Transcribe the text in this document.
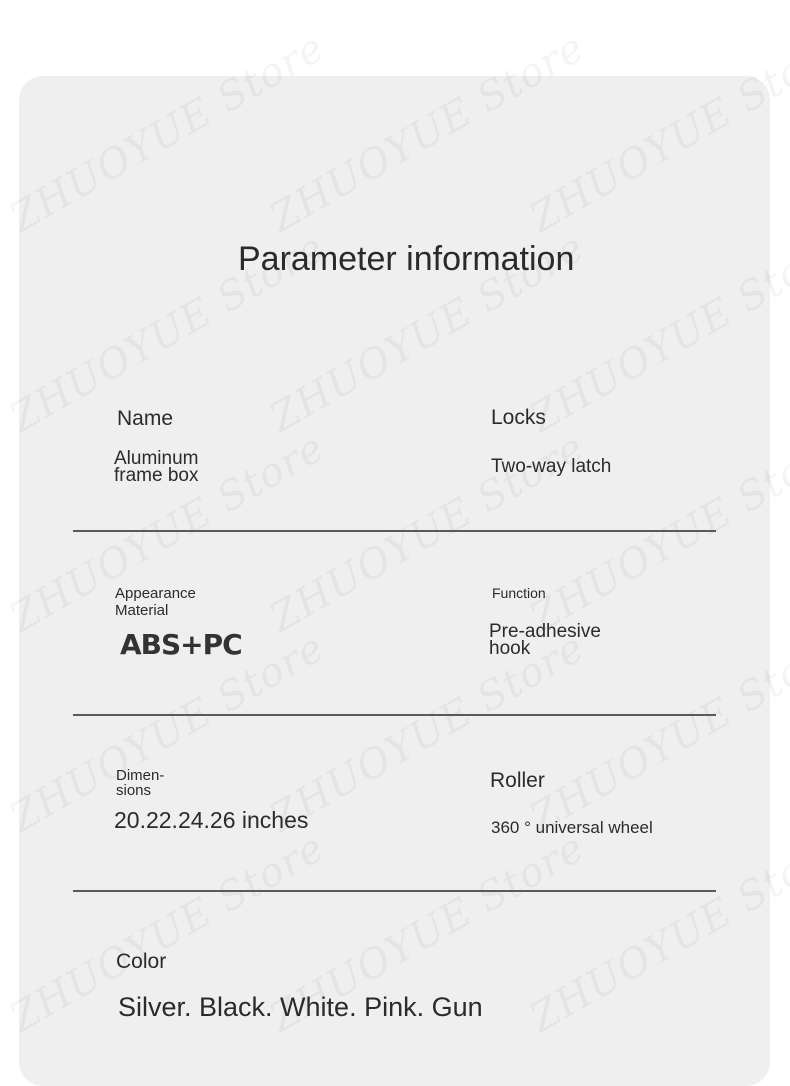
Parameter information
Name
Aluminum
frame box
Locks
Two-way latch
Appearance
Material
ABS+PC
Function
Pre-adhesive
hook
Dimen-
sions
20.22.24.26 inches
Roller
360 ° universal wheel
Color
Silver. Black. White. Pink. Gun
